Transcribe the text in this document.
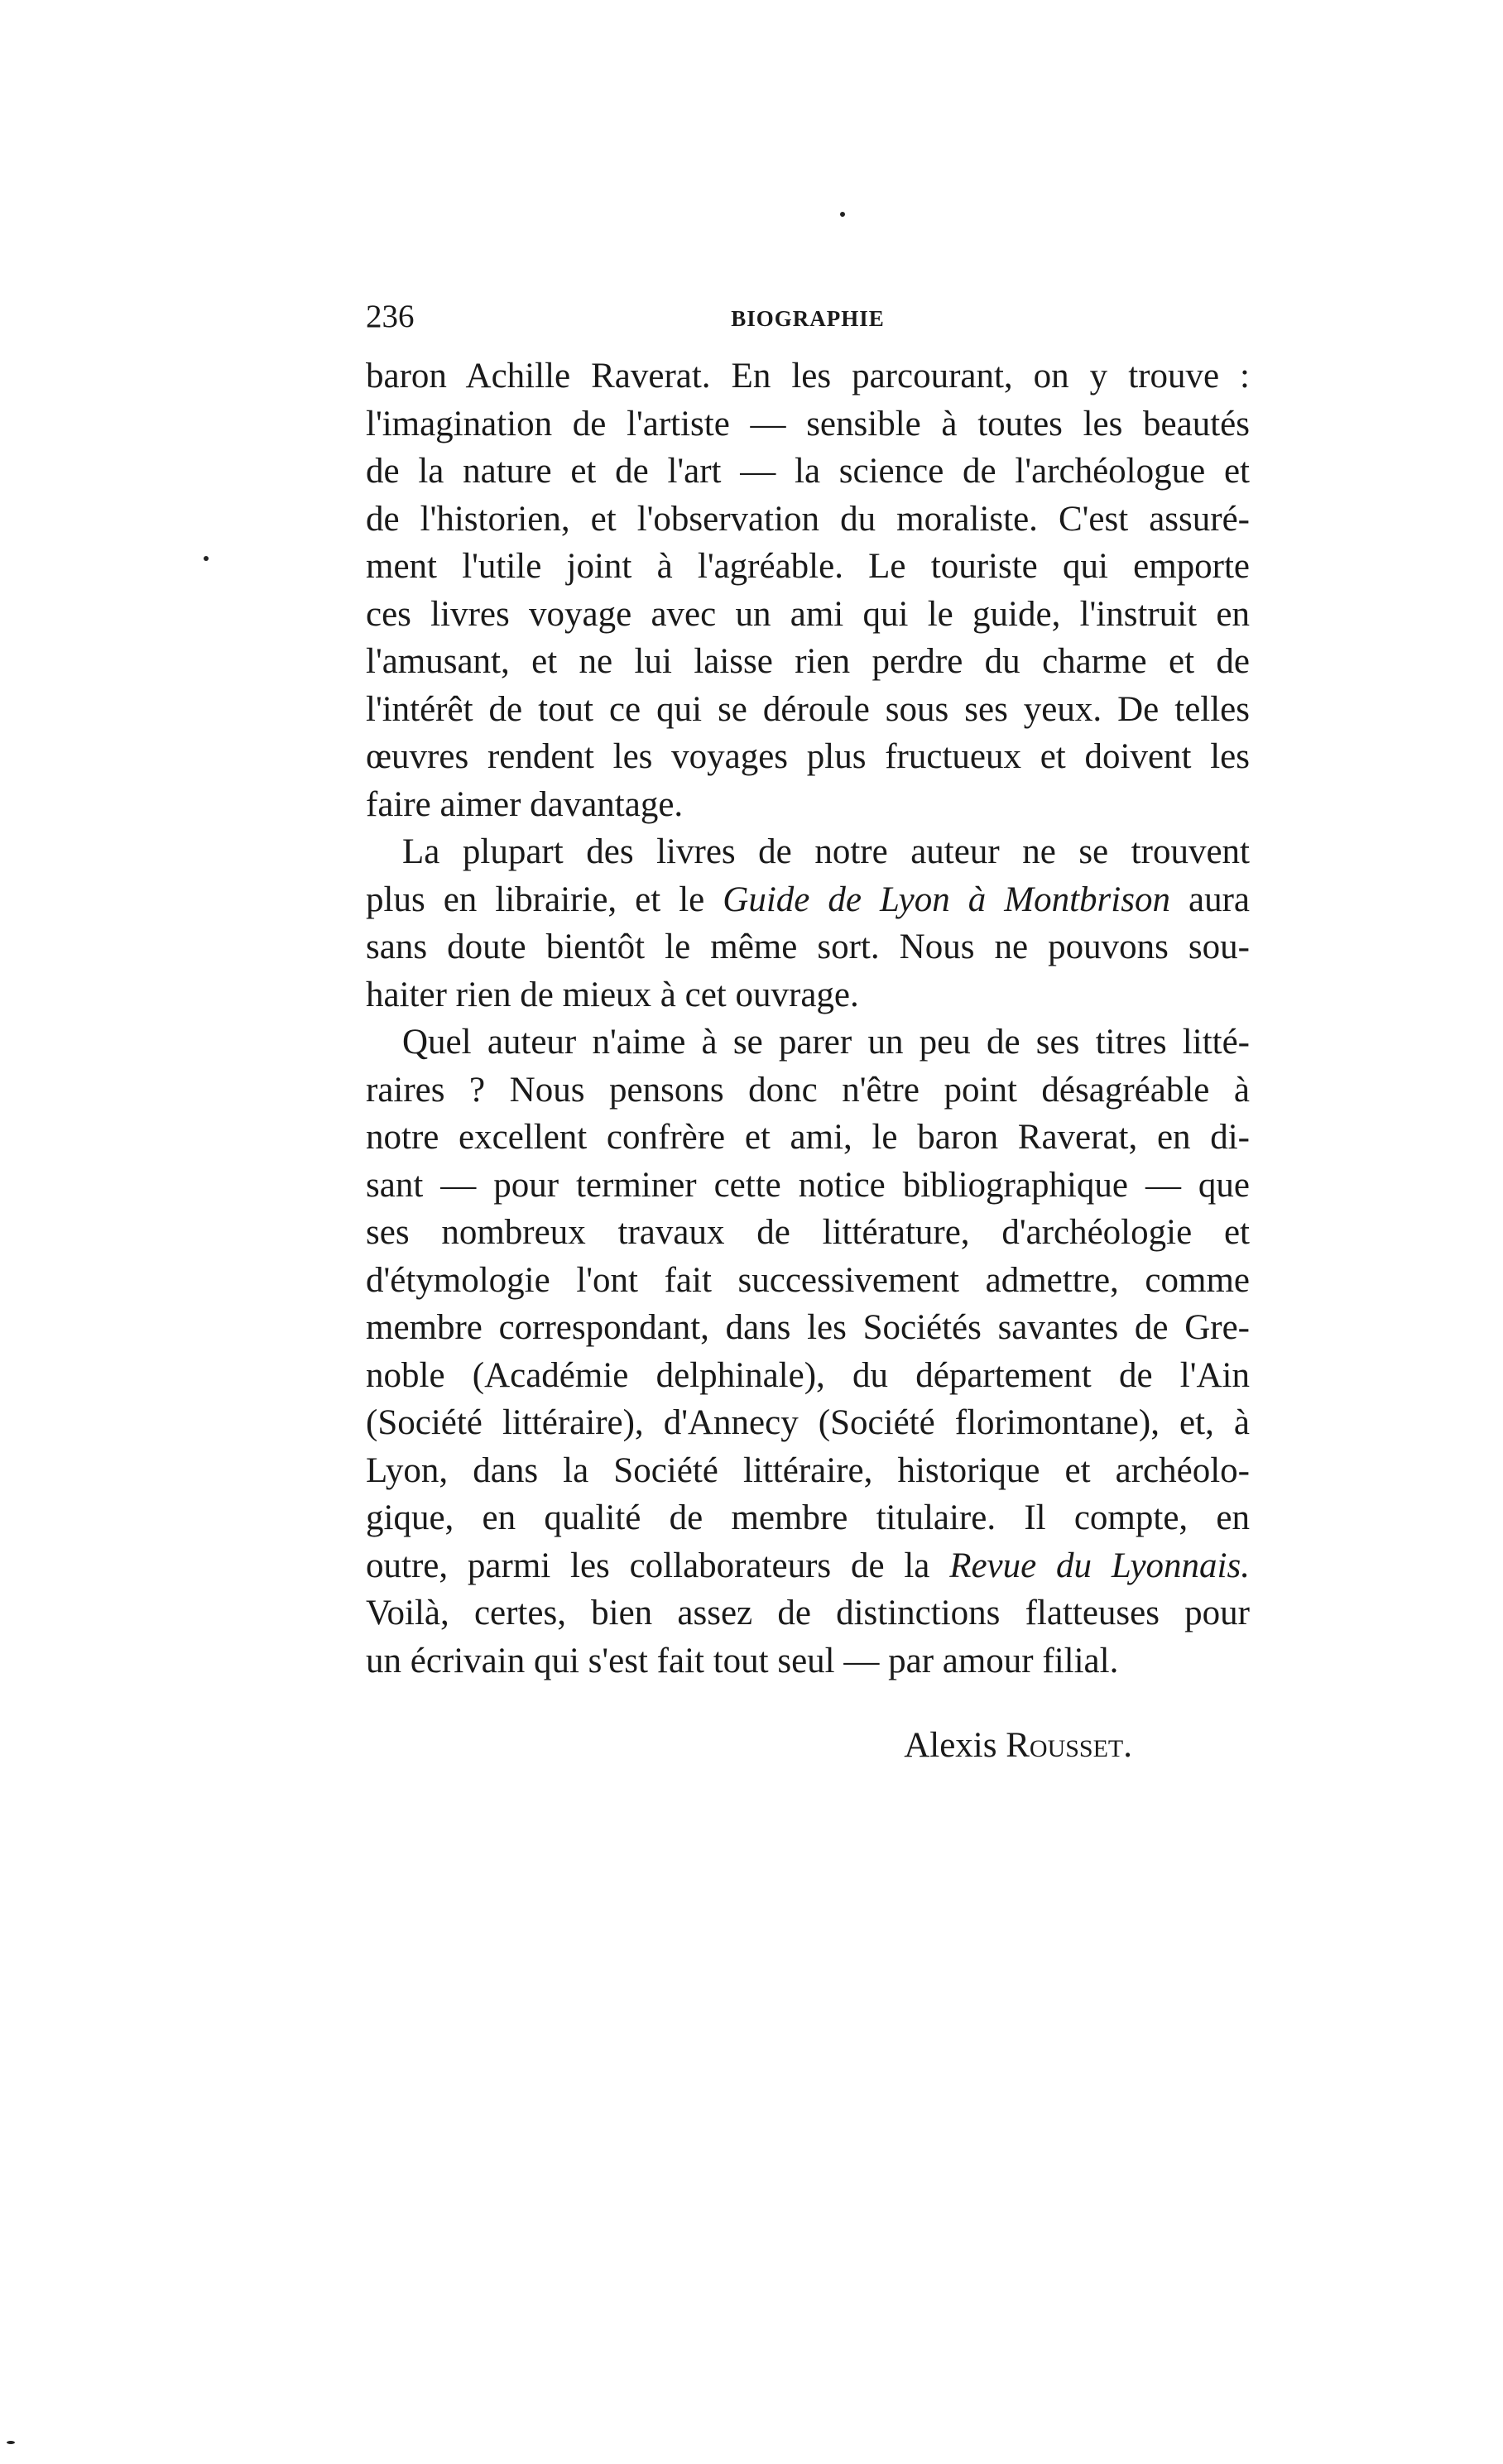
236	BIOGRAPHIE
baron Achille Raverat. En les parcourant, on y trouve :
l'imagination de l'artiste — sensible à toutes les beautés
de la nature et de l'art — la science de l'archéologue et
de l'historien, et l'observation du moraliste. C'est assuré-
ment l'utile joint à l'agréable. Le touriste qui emporte
ces livres voyage avec un ami qui le guide, l'instruit en
l'amusant, et ne lui laisse rien perdre du charme et de
l'intérêt de tout ce qui se déroule sous ses yeux. De telles
œuvres rendent les voyages plus fructueux et doivent les
faire aimer davantage.
La plupart des livres de notre auteur ne se trouvent
plus en librairie, et le Guide de Lyon à Montbrison aura
sans doute bientôt le même sort. Nous ne pouvons sou-
haiter rien de mieux à cet ouvrage.
Quel auteur n'aime à se parer un peu de ses titres litté-
raires ? Nous pensons donc n'être point désagréable à
notre excellent confrère et ami, le baron Raverat, en di-
sant — pour terminer cette notice bibliographique — que
ses nombreux travaux de littérature, d'archéologie et
d'étymologie l'ont fait successivement admettre, comme
membre correspondant, dans les Sociétés savantes de Gre-
noble (Académie delphinale), du département de l'Ain
(Société littéraire), d'Annecy (Société florimontane), et, à
Lyon, dans la Société littéraire, historique et archéolo-
gique, en qualité de membre titulaire. Il compte, en
outre, parmi les collaborateurs de la Revue du Lyonnais.
Voilà, certes, bien assez de distinctions flatteuses pour
un écrivain qui s'est fait tout seul — par amour filial.
Alexis Rousset.
